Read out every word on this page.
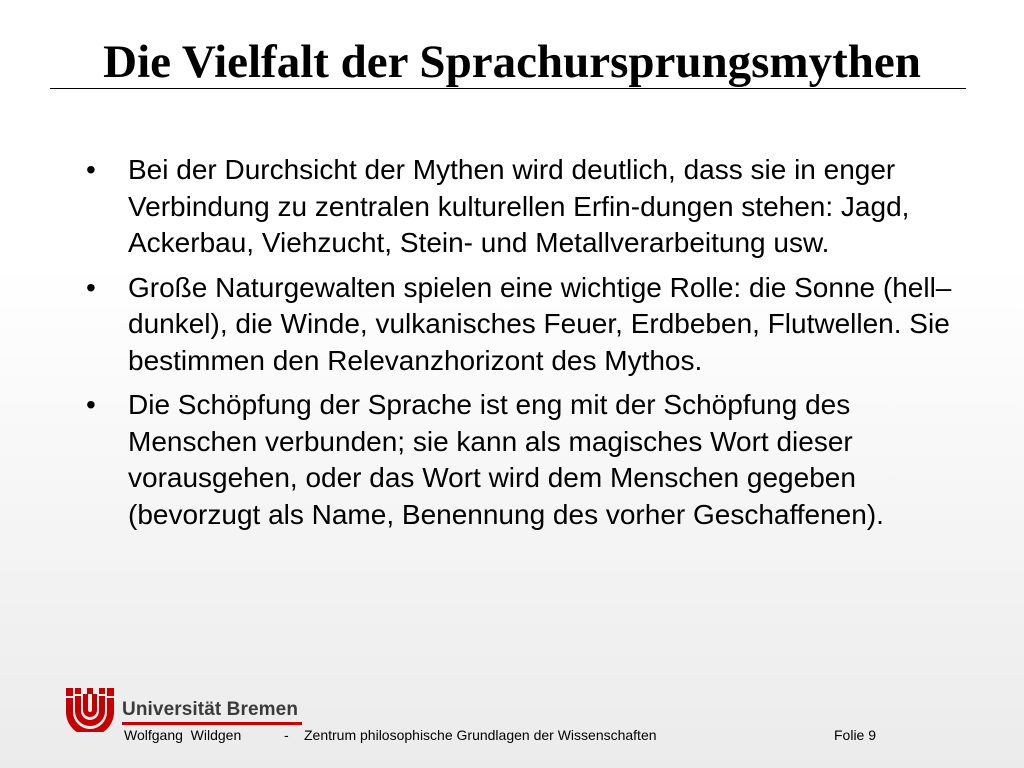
Die Vielfalt der Sprachursprungsmythen
• Bei der Durchsicht der Mythen wird deutlich, dass sie in enger Verbindung zu zentralen kulturellen Erfin-dungen stehen: Jagd, Ackerbau, Viehzucht, Stein- und Metallverarbeitung usw.
• Große Naturgewalten spielen eine wichtige Rolle: die Sonne (hell–dunkel), die Winde, vulkanisches Feuer, Erdbeben, Flutwellen. Sie bestimmen den Relevanzhorizont des Mythos.
• Die Schöpfung der Sprache ist eng mit der Schöpfung des Menschen verbunden; sie kann als magisches Wort dieser vorausgehen, oder das Wort wird dem Menschen gegeben (bevorzugt als Name, Benennung des vorher Geschaffenen).
Universität Bremen
Wolfgang  Wildgen	- Zentrum philosophische Grundlagen der Wissenschaften	Folie 9
